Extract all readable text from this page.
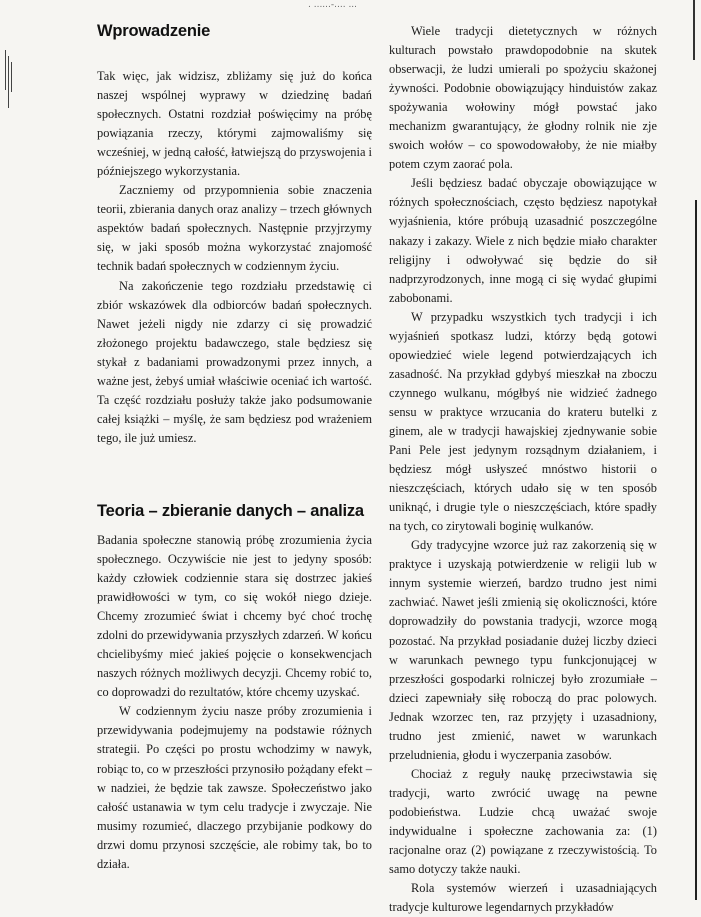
. ......-.... ...
Wprowadzenie

Tak więc, jak widzisz, zbliżamy się już do końca naszej wspólnej wyprawy w dziedzinę badań społecznych. Ostatni rozdział poświęcimy na próbę powiązania rzeczy, którymi zajmowaliśmy się wcześniej, w jedną całość, łatwiejszą do przyswojenia i późniejszego wykorzystania.

Zaczniemy od przypomnienia sobie znaczenia teorii, zbierania danych oraz analizy – trzech głównych aspektów badań społecznych. Następnie przyjrzymy się, w jaki sposób można wykorzystać znajomość technik badań społecznych w codziennym życiu.

Na zakończenie tego rozdziału przedstawię ci zbiór wskazówek dla odbiorców badań społecznych. Nawet jeżeli nigdy nie zdarzy ci się prowadzić złożonego projektu badawczego, stale będziesz się stykał z badaniami prowadzonymi przez innych, a ważne jest, żebyś umiał właściwie oceniać ich wartość. Ta część rozdziału posłuży także jako podsumowanie całej książki – myślę, że sam będziesz pod wrażeniem tego, ile już umiesz.

Teoria – zbieranie danych – analiza

Badania społeczne stanowią próbę zrozumienia życia społecznego. Oczywiście nie jest to jedyny sposób: każdy człowiek codziennie stara się dostrzec jakieś prawidłowości w tym, co się wokół niego dzieje. Chcemy zrozumieć świat i chcemy być choć trochę zdolni do przewidywania przyszłych zdarzeń. W końcu chcielibyśmy mieć jakieś pojęcie o konsekwencjach naszych różnych możliwych decyzji. Chcemy robić to, co doprowadzi do rezultatów, które chcemy uzyskać.

W codziennym życiu nasze próby zrozumienia i przewidywania podejmujemy na podstawie różnych strategii. Po części po prostu wchodzimy w nawyk, robiąc to, co w przeszłości przynosiło pożądany efekt – w nadziei, że będzie tak zawsze. Społeczeństwo jako całość ustanawia w tym celu tradycje i zwyczaje. Nie musimy rozumieć, dlaczego przybijanie podkowy do drzwi domu przynosi szczęście, ale robimy tak, bo to działa.

Wiele tradycji dietetycznych w różnych kulturach powstało prawdopodobnie na skutek obserwacji, że ludzi umierali po spożyciu skażonej żywności. Podobnie obowiązujący hinduistów zakaz spożywania wołowiny mógł powstać jako mechanizm gwarantujący, że głodny rolnik nie zje swoich wołów – co spowodowałoby, że nie miałby potem czym zaorać pola.

Jeśli będziesz badać obyczaje obowiązujące w różnych społecznościach, często będziesz napotykał wyjaśnienia, które próbują uzasadnić poszczególne nakazy i zakazy. Wiele z nich będzie miało charakter religijny i odwoływać się będzie do sił nadprzyrodzonych, inne mogą ci się wydać głupimi zabobonami.

W przypadku wszystkich tych tradycji i ich wyjaśnień spotkasz ludzi, którzy będą gotowi opowiedzieć wiele legend potwierdzających ich zasadność. Na przykład gdybyś mieszkał na zboczu czynnego wulkanu, mógłbyś nie widzieć żadnego sensu w praktyce wrzucania do krateru butelki z ginem, ale w tradycji hawajskiej zjednywanie sobie Pani Pele jest jedynym rozsądnym działaniem, i będziesz mógł usłyszeć mnóstwo historii o nieszczęściach, których udało się w ten sposób uniknąć, i drugie tyle o nieszczęściach, które spadły na tych, co zirytowali boginię wulkanów.

Gdy tradycyjne wzorce już raz zakorzenią się w praktyce i uzyskają potwierdzenie w religii lub w innym systemie wierzeń, bardzo trudno jest nimi zachwiać. Nawet jeśli zmienią się okoliczności, które doprowadziły do powstania tradycji, wzorce mogą pozostać. Na przykład posiadanie dużej liczby dzieci w warunkach pewnego typu funkcjonującej w przeszłości gospodarki rolniczej było zrozumiałe – dzieci zapewniały siłę roboczą do prac polowych. Jednak wzorzec ten, raz przyjęty i uzasadniony, trudno jest zmienić, nawet w warunkach przeludnienia, głodu i wyczerpania zasobów.

Chociaż z reguły naukę przeciwstawia się tradycji, warto zwrócić uwagę na pewne podobieństwa. Ludzie chcą uważać swoje indywidualne i społeczne zachowania za: (1) racjonalne oraz (2) powiązane z rzeczywistością. To samo dotyczy także nauki.

Rola systemów wierzeń i uzasadniających tradycje kulturowe legendarnych przykładów
